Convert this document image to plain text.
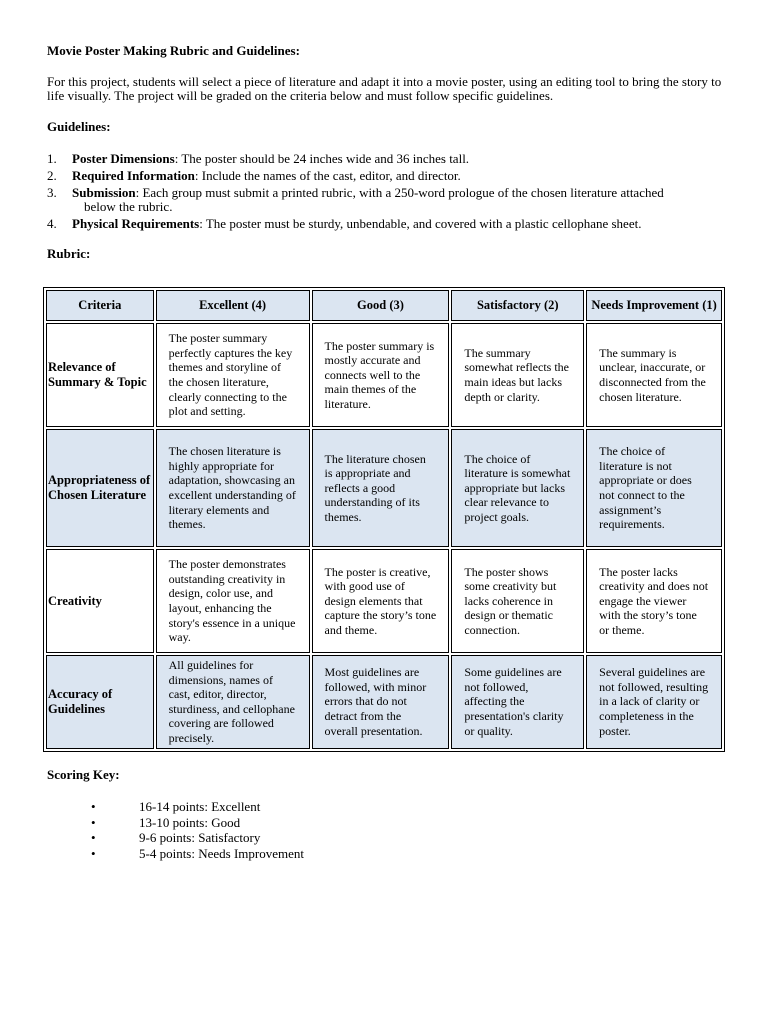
Movie Poster Making Rubric and Guidelines:

For this project, students will select a piece of literature and adapt it into a movie poster, using an editing tool to bring the story to life visually. The project will be graded on the criteria below and must follow specific guidelines.

Guidelines:

1. Poster Dimensions: The poster should be 24 inches wide and 36 inches tall.
2. Required Information: Include the names of the cast, editor, and director.
3. Submission: Each group must submit a printed rubric, with a 250-word prologue of the chosen literature attached
below the rubric.
4. Physical Requirements: The poster must be sturdy, unbendable, and covered with a plastic cellophane sheet.

Rubric:

Criteria	Excellent (4)	Good (3)	Satisfactory (2)	Needs Improvement (1)
Relevance of Summary & Topic	The poster summary perfectly captures the key themes and storyline of the chosen literature, clearly connecting to the plot and setting.	The poster summary is mostly accurate and connects well to the main themes of the literature.	The summary somewhat reflects the main ideas but lacks depth or clarity.	The summary is unclear, inaccurate, or disconnected from the chosen literature.
Appropriateness of Chosen Literature	The chosen literature is highly appropriate for adaptation, showcasing an excellent understanding of literary elements and themes.	The literature chosen is appropriate and reflects a good understanding of its themes.	The choice of literature is somewhat appropriate but lacks clear relevance to project goals.	The choice of literature is not appropriate or does not connect to the assignment’s requirements.
Creativity	The poster demonstrates outstanding creativity in design, color use, and layout, enhancing the story's essence in a unique way.	The poster is creative, with good use of design elements that capture the story’s tone and theme.	The poster shows some creativity but lacks coherence in design or thematic connection.	The poster lacks creativity and does not engage the viewer with the story’s tone or theme.
Accuracy of Guidelines	All guidelines for dimensions, names of cast, editor, director, sturdiness, and cellophane covering are followed precisely.	Most guidelines are followed, with minor errors that do not detract from the overall presentation.	Some guidelines are not followed, affecting the presentation's clarity or quality.	Several guidelines are not followed, resulting in a lack of clarity or completeness in the poster.
Scoring Key:
•	16-14 points: Excellent
•	13-10 points: Good
•	9-6 points: Satisfactory
•	5-4 points: Needs Improvement
